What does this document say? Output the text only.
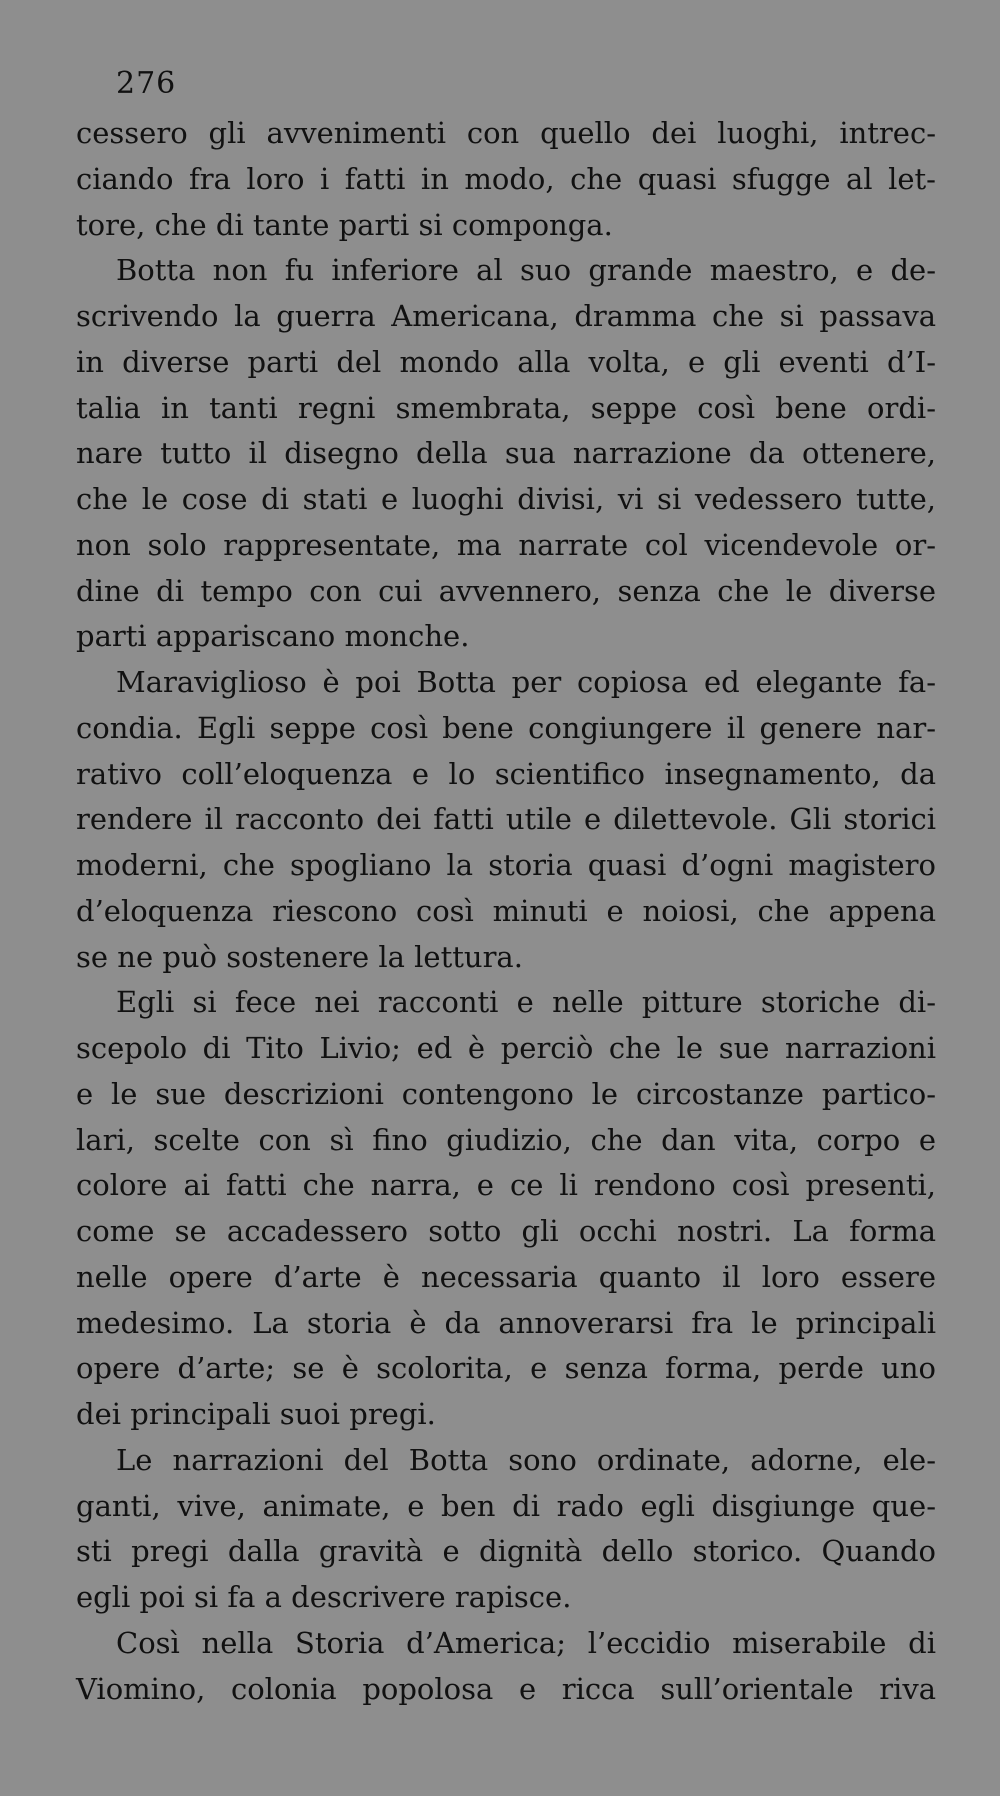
276
cessero gli avvenimenti con quello dei luoghi, intrec-
ciando fra loro i fatti in modo, che quasi sfugge al let-
tore, che di tante parti si componga.
Botta non fu inferiore al suo grande maestro, e de-
scrivendo la guerra Americana, dramma che si passava
in diverse parti del mondo alla volta, e gli eventi d’I-
talia in tanti regni smembrata, seppe così bene ordi-
nare tutto il disegno della sua narrazione da ottenere,
che le cose di stati e luoghi divisi, vi si vedessero tutte,
non solo rappresentate, ma narrate col vicendevole or-
dine di tempo con cui avvennero, senza che le diverse
parti appariscano monche.
Maraviglioso è poi Botta per copiosa ed elegante fa-
condia. Egli seppe così bene congiungere il genere nar-
rativo coll’eloquenza e lo scientifico insegnamento, da
rendere il racconto dei fatti utile e dilettevole. Gli storici
moderni, che spogliano la storia quasi d’ogni magistero
d’eloquenza riescono così minuti e noiosi, che appena
se ne può sostenere la lettura.
Egli si fece nei racconti e nelle pitture storiche di-
scepolo di Tito Livio; ed è perciò che le sue narrazioni
e le sue descrizioni contengono le circostanze partico-
lari, scelte con sì fino giudizio, che dan vita, corpo e
colore ai fatti che narra, e ce li rendono così presenti,
come se accadessero sotto gli occhi nostri. La forma
nelle opere d’arte è necessaria quanto il loro essere
medesimo. La storia è da annoverarsi fra le principali
opere d’arte; se è scolorita, e senza forma, perde uno
dei principali suoi pregi.
Le narrazioni del Botta sono ordinate, adorne, ele-
ganti, vive, animate, e ben di rado egli disgiunge que-
sti pregi dalla gravità e dignità dello storico. Quando
egli poi si fa a descrivere rapisce.
Così nella Storia d’America; l’eccidio miserabile di
Viomino, colonia popolosa e ricca sull’orientale riva
